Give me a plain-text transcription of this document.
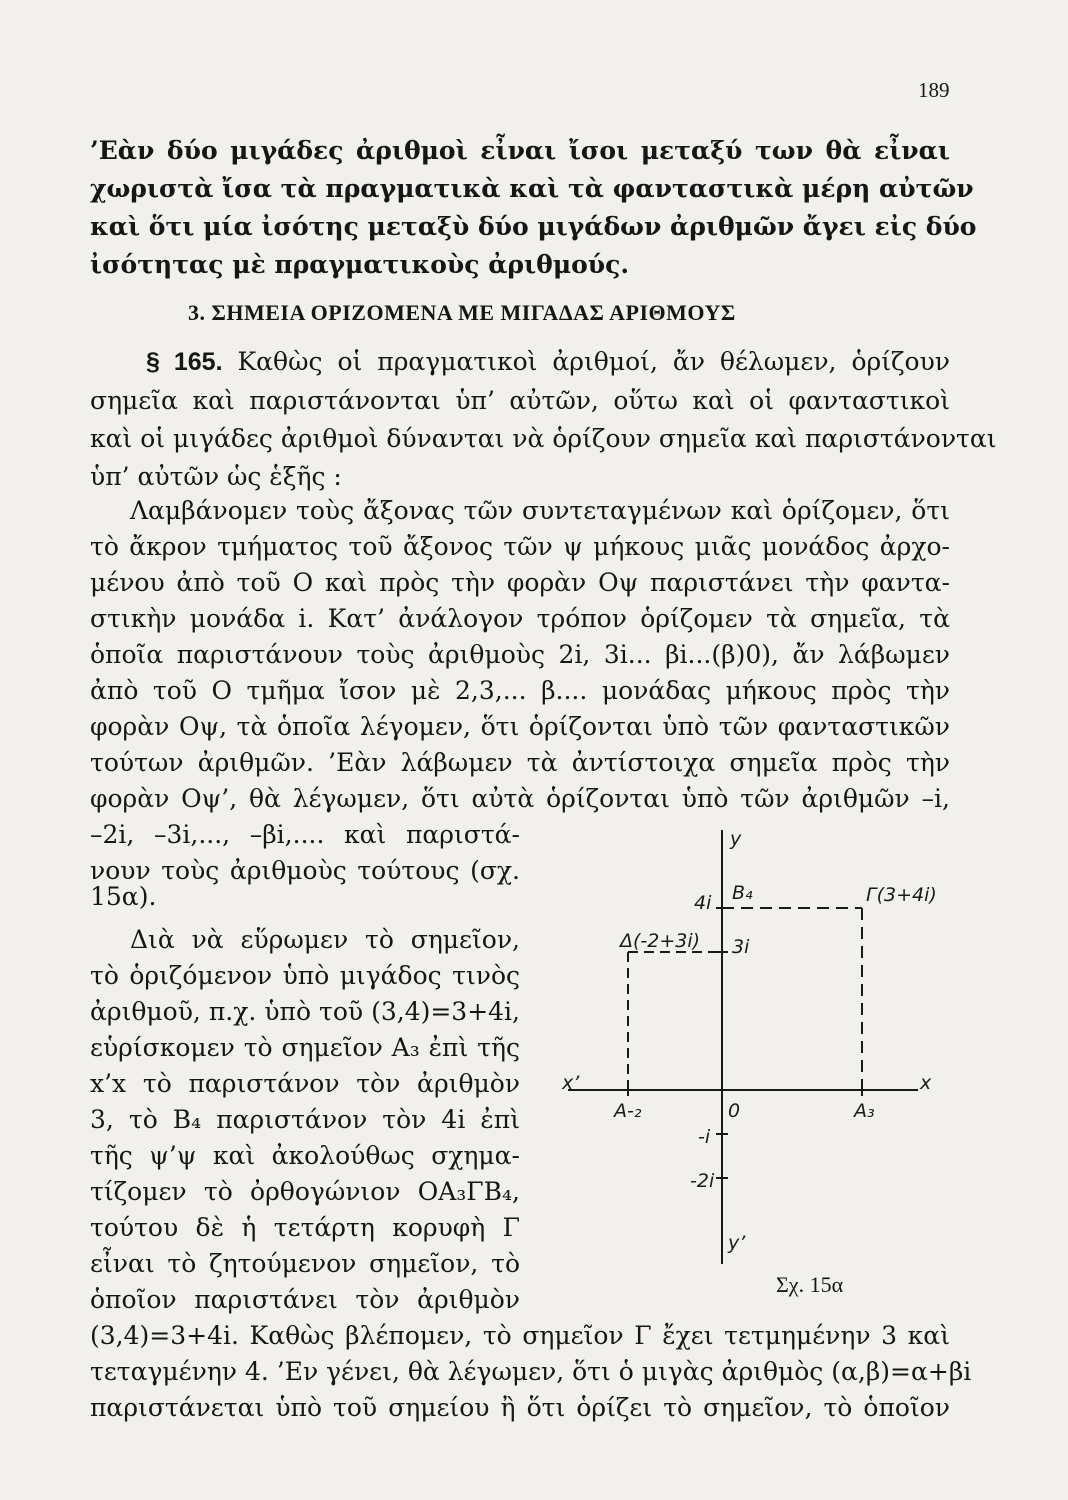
189
’Εὰν δύο μιγάδες ἀριθμοὶ εἶναι ἴσοι μεταξύ των θὰ εἶναι
χωριστὰ ἴσα τὰ πραγματικὰ καὶ τὰ φανταστικὰ μέρη αὐτῶν
καὶ ὅτι μία ἰσότης μεταξὺ δύο μιγάδων ἀριθμῶν ἄγει εἰς δύο
ἰσότητας μὲ πραγματικοὺς ἀριθμούς.
3. ΣΗΜΕΙΑ ΟΡΙΖΟΜΕΝΑ ΜΕ ΜΙΓΑΔΑΣ ΑΡΙΘΜΟΥΣ
§ 165. Καθὼς οἱ πραγματικοὶ ἀριθμοί, ἄν θέλωμεν, ὁρίζουν
σημεῖα καὶ παριστάνονται ὑπ’ αὐτῶν, οὕτω καὶ οἱ φανταστικοὶ
καὶ οἱ μιγάδες ἀριθμοὶ δύνανται νὰ ὁρίζουν σημεῖα καὶ παριστάνονται
ὑπ’ αὐτῶν ὡς ἑξῆς :
Λαμβάνομεν τοὺς ἄξονας τῶν συντεταγμένων καὶ ὁρίζομεν, ὅτι
τὸ ἄκρον τμήματος τοῦ ἄξονος τῶν ψ μήκους μιᾶς μονάδος ἀρχο-
μένου ἀπὸ τοῦ Ο καὶ πρὸς τὴν φορὰν Οψ παριστάνει τὴν φαντα-
στικὴν μονάδα i. Κατ’ ἀνάλογον τρόπον ὁρίζομεν τὰ σημεῖα, τὰ
ὁποῖα παριστάνουν τοὺς ἀριθμοὺς 2i, 3i... βi...(β)0), ἄν λάβωμεν
ἀπὸ τοῦ Ο τμῆμα ἴσον μὲ 2,3,... β.... μονάδας μήκους πρὸς τὴν
φορὰν Οψ, τὰ ὁποῖα λέγομεν, ὅτι ὁρίζονται ὑπὸ τῶν φανταστικῶν
τούτων ἀριθμῶν. ’Εὰν λάβωμεν τὰ ἀντίστοιχα σημεῖα πρὸς τὴν
φορὰν Οψ’, θὰ λέγωμεν, ὅτι αὐτὰ ὁρίζονται ὑπὸ τῶν ἀριθμῶν –i,
–2i, –3i,..., –βi,.... καὶ παριστά-
νουν τοὺς ἀριθμοὺς τούτους (σχ.
15α).
Διὰ νὰ εὕρωμεν τὸ σημεῖον,
τὸ ὁριζόμενον ὑπὸ μιγάδος τινὸς
ἀριθμοῦ, π.χ. ὑπὸ τοῦ (3,4)=3+4i,
εὑρίσκομεν τὸ σημεῖον Α₃ ἐπὶ τῆς
x’x τὸ παριστάνον τὸν ἀριθμὸν
3, τὸ Β₄ παριστάνον τὸν 4i ἐπὶ
τῆς ψ’ψ καὶ ἀκολούθως σχημα-
τίζομεν τὸ ὀρθογώνιον ΟΑ₃ΓΒ₄,
τούτου δὲ ἡ τετάρτη κορυφὴ Γ
εἶναι τὸ ζητούμενον σημεῖον, τὸ
ὁποῖον παριστάνει τὸν ἀριθμὸν
(3,4)=3+4i. Καθὼς βλέπομεν, τὸ σημεῖον Γ ἔχει τετμημένην 3 καὶ
τεταγμένην 4. ’Εν γένει, θὰ λέγωμεν, ὅτι ὁ μιγὰς ἀριθμὸς (α,β)=α+βi
παριστάνεται ὑπὸ τοῦ σημείου ἢ ὅτι ὁρίζει τὸ σημεῖον, τὸ ὁποῖον
y
y’
x
x’
0
4i
3i
-i
-2i
B₄
A₃
A-₂
Γ(3+4i)
Δ(-2+3i)
Σχ. 15α
